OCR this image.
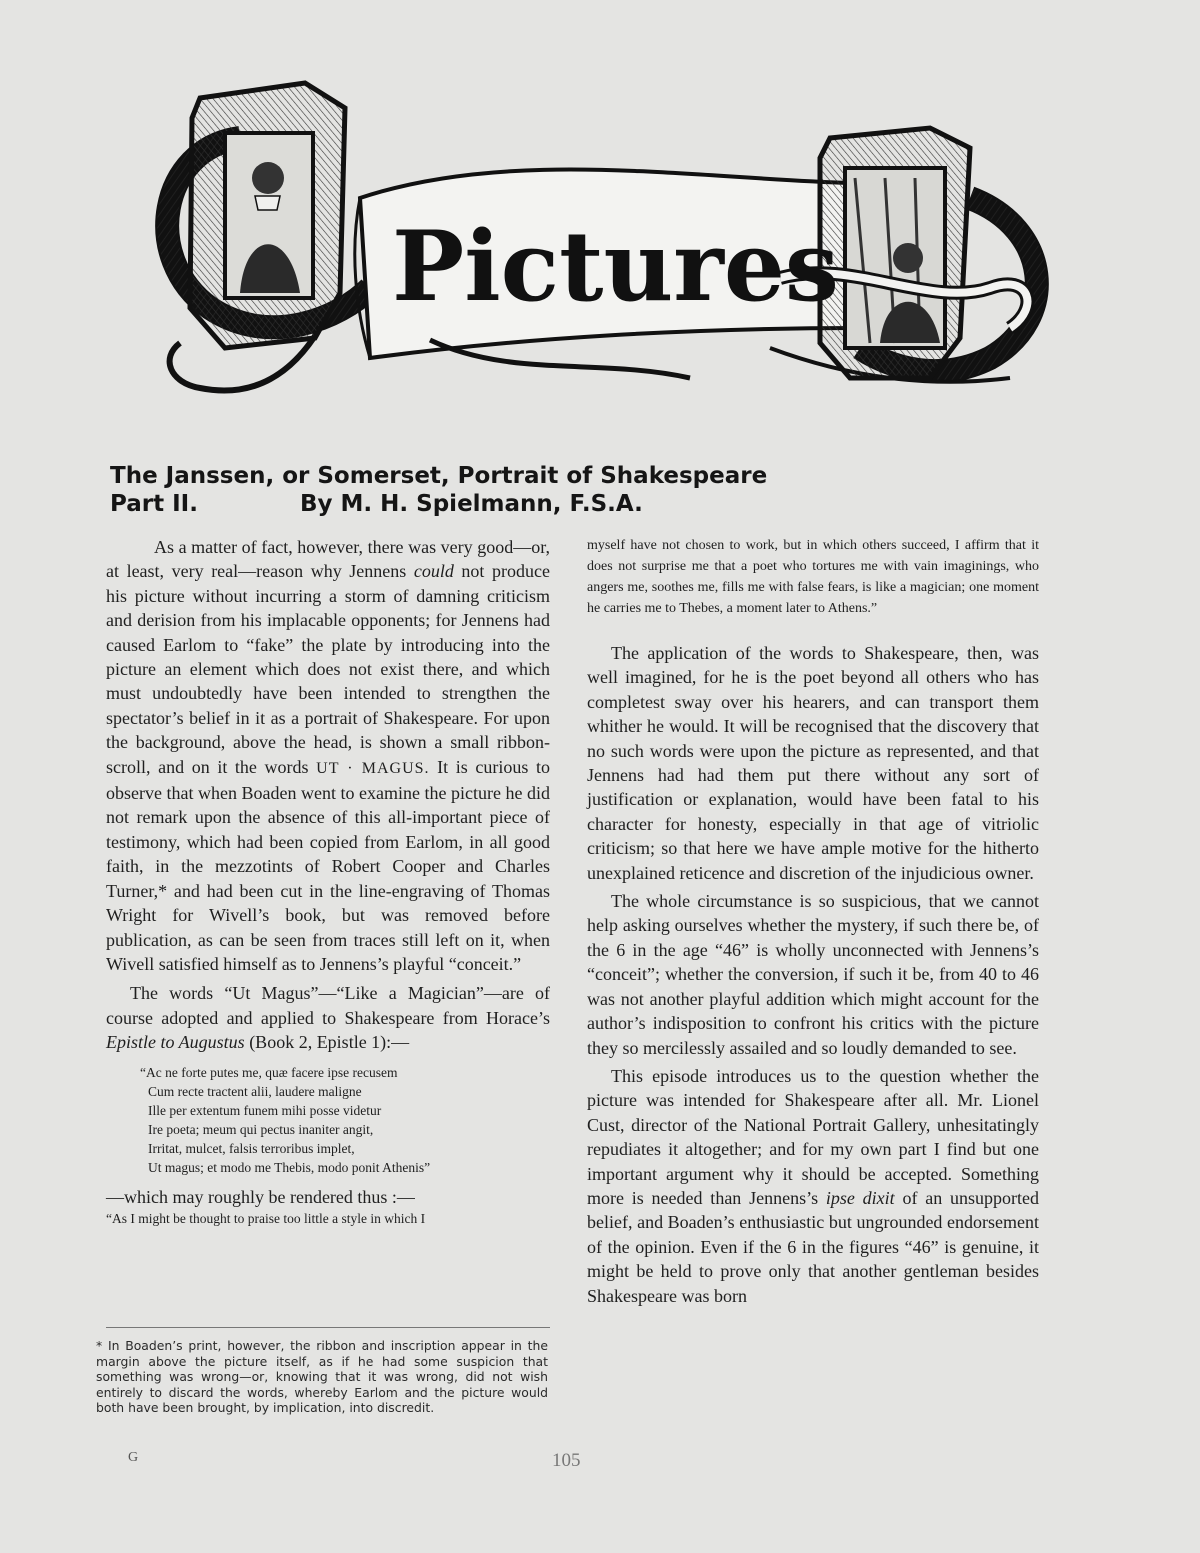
Pictures
The Janssen, or Somerset, Portrait of Shakespeare
Part II.	By M. H. Spielmann, F.S.A.

As a matter of fact, however, there was very good—or, at least, very real—reason why Jennens could not produce his picture without incurring a storm of damning criticism and derision from his implacable opponents; for Jennens had caused Earlom to “fake” the plate by introducing into the picture an element which does not exist there, and which must undoubtedly have been intended to strengthen the spectator’s belief in it as a portrait of Shakespeare. For upon the background, above the head, is shown a small ribbon-scroll, and on it the words UT · MAGUS. It is curious to observe that when Boaden went to examine the picture he did not remark upon the absence of this all-important piece of testimony, which had been copied from Earlom, in all good faith, in the mezzotints of Robert Cooper and Charles Turner,* and had been cut in the line-engraving of Thomas Wright for Wivell’s book, but was removed before publication, as can be seen from traces still left on it, when Wivell satisfied himself as to Jennens’s playful “conceit.”

The words “Ut Magus”—“Like a Magician”—are of course adopted and applied to Shakespeare from Horace’s Epistle to Augustus (Book 2, Epistle 1):—

“Ac ne forte putes me, quæ facere ipse recusem
Cum recte tractent alii, laudere maligne
Ille per extentum funem mihi posse videtur
Ire poeta; meum qui pectus inaniter angit,
Irritat, mulcet, falsis terroribus implet,
Ut magus; et modo me Thebis, modo ponit Athenis”

—which may roughly be rendered thus :—

“As I might be thought to praise too little a style in which I

* In Boaden’s print, however, the ribbon and inscription appear in the margin above the picture itself, as if he had some suspicion that something was wrong—or, knowing that it was wrong, did not wish entirely to discard the words, whereby Earlom and the picture would both have been brought, by implication, into discredit.

myself have not chosen to work, but in which others succeed, I affirm that it does not surprise me that a poet who tortures me with vain imaginings, who angers me, soothes me, fills me with false fears, is like a magician; one moment he carries me to Thebes, a moment later to Athens.”

The application of the words to Shakespeare, then, was well imagined, for he is the poet beyond all others who has completest sway over his hearers, and can transport them whither he would. It will be recognised that the discovery that no such words were upon the picture as represented, and that Jennens had had them put there without any sort of justification or explanation, would have been fatal to his character for honesty, especially in that age of vitriolic criticism; so that here we have ample motive for the hitherto unexplained reticence and discretion of the injudicious owner.

The whole circumstance is so suspicious, that we cannot help asking ourselves whether the mystery, if such there be, of the 6 in the age “46” is wholly unconnected with Jennens’s “conceit”; whether the conversion, if such it be, from 40 to 46 was not another playful addition which might account for the author’s indisposition to confront his critics with the picture they so mercilessly assailed and so loudly demanded to see.

This episode introduces us to the question whether the picture was intended for Shakespeare after all. Mr. Lionel Cust, director of the National Portrait Gallery, unhesitatingly repudiates it altogether; and for my own part I find but one important argument why it should be accepted. Something more is needed than Jennens’s ipse dixit of an unsupported belief, and Boaden’s enthusiastic but ungrounded endorsement of the opinion. Even if the 6 in the figures “46” is genuine, it might be held to prove only that another gentleman besides Shakespeare was born

G	105
